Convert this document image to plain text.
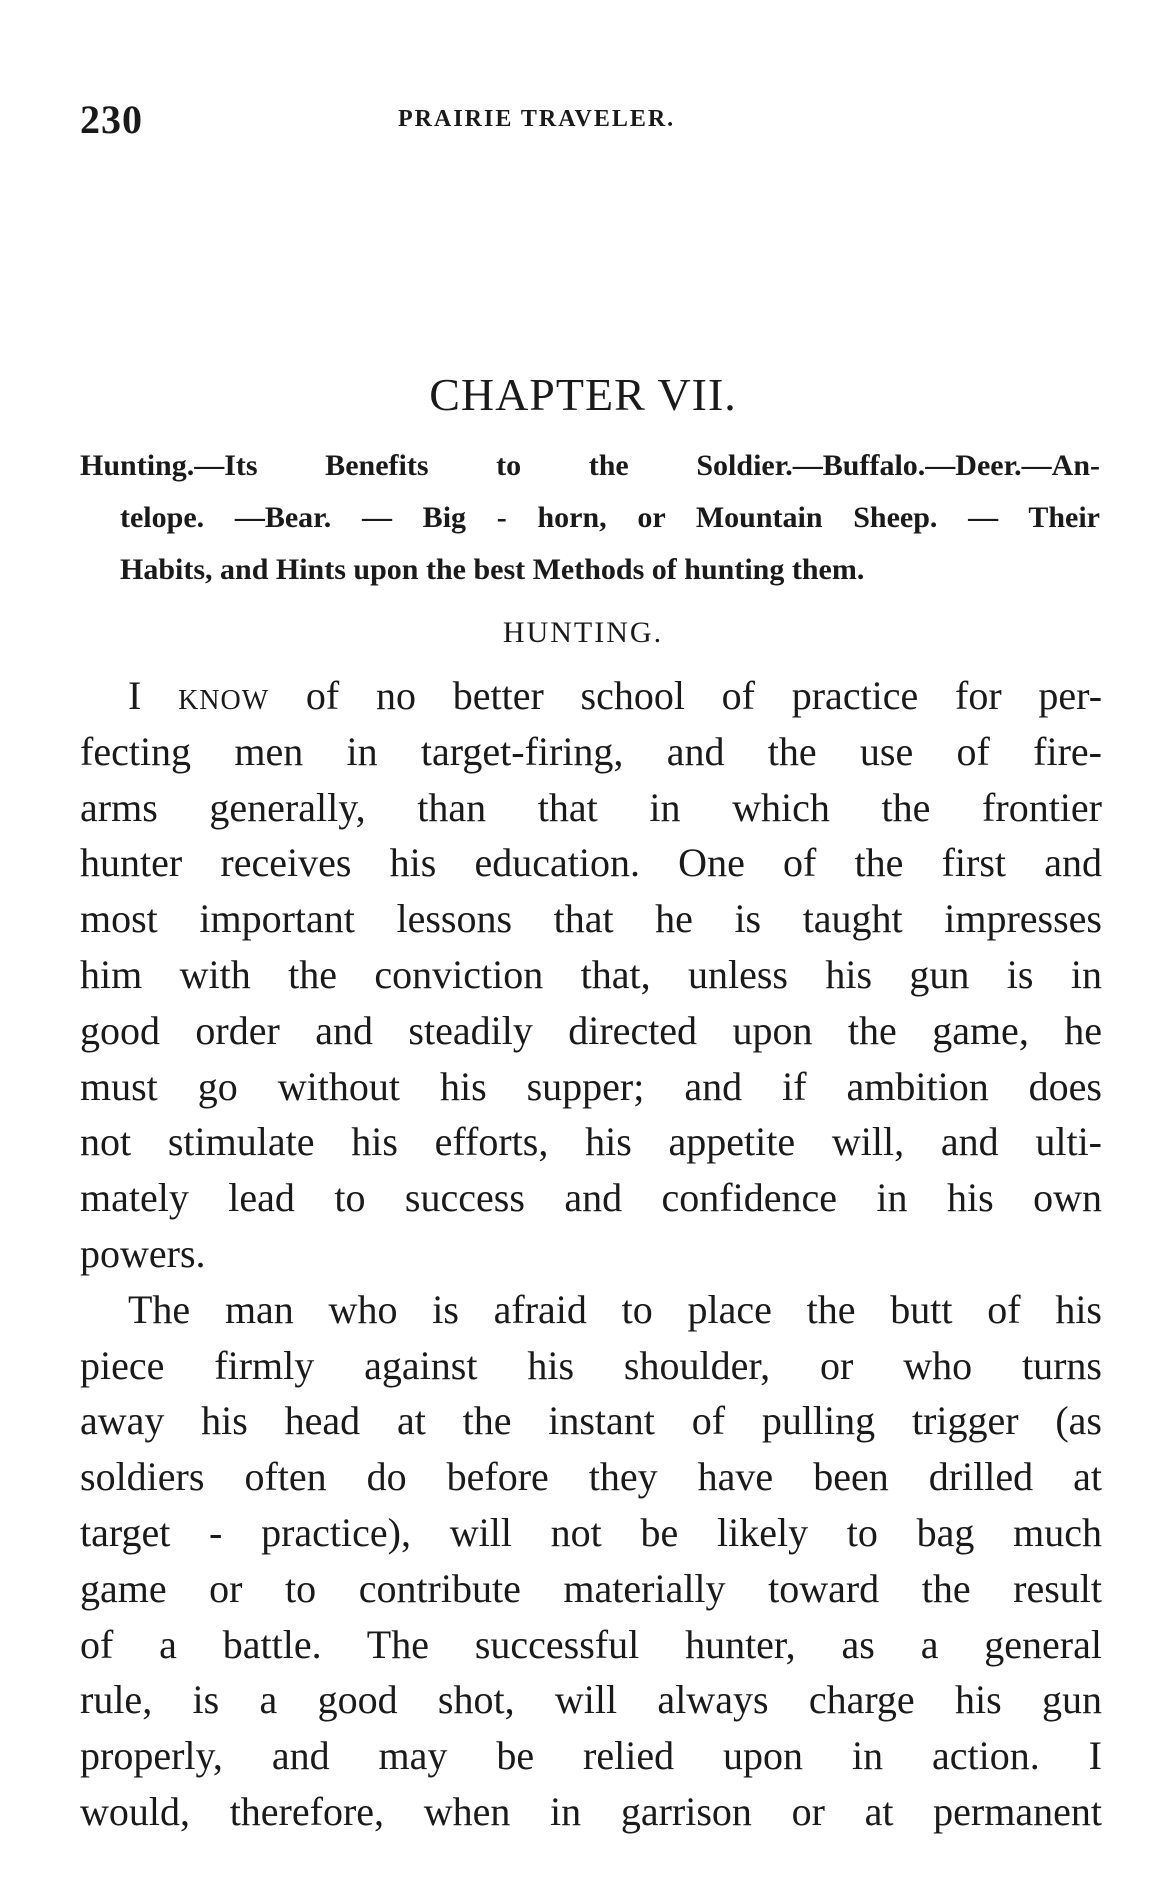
230	PRAIRIE TRAVELER.
CHAPTER VII.
Hunting.—Its Benefits to the Soldier.—Buffalo.—Deer.—An-
telope. —Bear. — Big - horn, or Mountain Sheep. — Their
Habits, and Hints upon the best Methods of hunting them.
HUNTING.
I know of no better school of practice for per-
fecting men in target-firing, and the use of fire-
arms generally, than that in which the frontier
hunter receives his education. One of the first and
most important lessons that he is taught impresses
him with the conviction that, unless his gun is in
good order and steadily directed upon the game, he
must go without his supper; and if ambition does
not stimulate his efforts, his appetite will, and ulti-
mately lead to success and confidence in his own
powers.
The man who is afraid to place the butt of his
piece firmly against his shoulder, or who turns
away his head at the instant of pulling trigger (as
soldiers often do before they have been drilled at
target - practice), will not be likely to bag much
game or to contribute materially toward the result
of a battle. The successful hunter, as a general
rule, is a good shot, will always charge his gun
properly, and may be relied upon in action. I
would, therefore, when in garrison or at permanent
